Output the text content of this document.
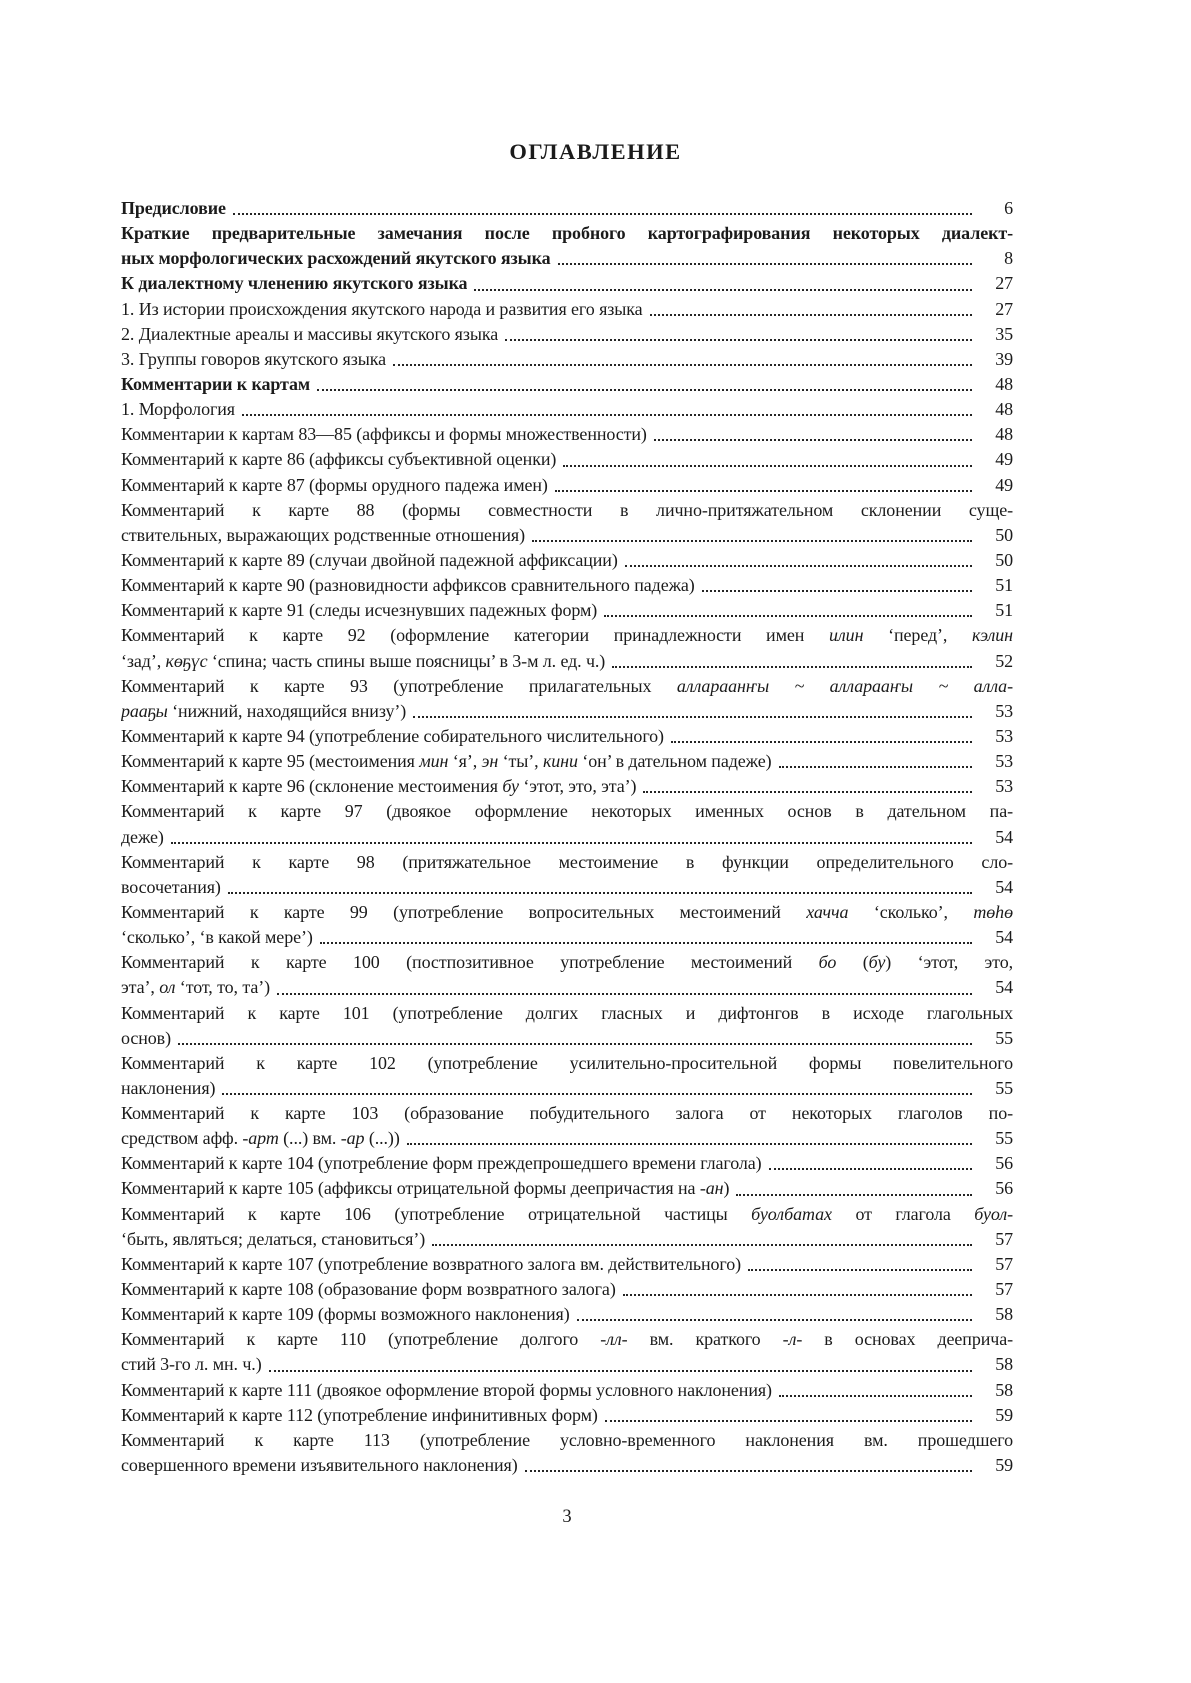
ОГЛАВЛЕНИЕ
Предисловие	6
Краткие предварительные замечания после пробного картографирования некоторых диалект-
ных морфологических расхождений якутского языка	8
К диалектному членению якутского языка	27
1. Из истории происхождения якутского народа и развития его языка	27
2. Диалектные ареалы и массивы якутского языка	35
3. Группы говоров якутского языка	39
Комментарии к картам	48
1. Морфология	48
Комментарии к картам 83—85 (аффиксы и формы множественности)	48
Комментарий к карте 86 (аффиксы субъективной оценки)	49
Комментарий к карте 87 (формы орудного падежа имен)	49
Комментарий к карте 88 (формы совместности в лично-притяжательном склонении суще-
ствительных, выражающих родственные отношения)	50
Комментарий к карте 89 (случаи двойной падежной аффиксации)	50
Комментарий к карте 90 (разновидности аффиксов сравнительного падежа)	51
Комментарий к карте 91 (следы исчезнувших падежных форм)	51
Комментарий к карте 92 (оформление категории принадлежности имен илин ‘перед’, кэлин
‘зад’, көҕүс ‘спина; часть спины выше поясницы’ в 3-м л. ед. ч.)	52
Комментарий к карте 93 (употребление прилагательных аллараанҥы ~ алларааҥы ~ алла-
рааҕы ‘нижний, находящийся внизу’)	53
Комментарий к карте 94 (употребление собирательного числительного)	53
Комментарий к карте 95 (местоимения мин ‘я’, эн ‘ты’, кини ‘он’ в дательном падеже)	53
Комментарий к карте 96 (склонение местоимения бу ‘этот, это, эта’)	53
Комментарий к карте 97 (двоякое оформление некоторых именных основ в дательном па-
деже)	54
Комментарий к карте 98 (притяжательное местоимение в функции определительного сло-
восочетания)	54
Комментарий к карте 99 (употребление вопросительных местоимений хачча ‘сколько’, төһө
‘сколько’, ‘в какой мере’)	54
Комментарий к карте 100 (постпозитивное употребление местоимений бо (бу) ‘этот, это,
эта’, ол ‘тот, то, та’)	54
Комментарий к карте 101 (употребление долгих гласных и дифтонгов в исходе глагольных
основ)	55
Комментарий к карте 102 (употребление усилительно-просительной формы повелительного
наклонения)	55
Комментарий к карте 103 (образование побудительного залога от некоторых глаголов по-
средством афф. -арт (...) вм. -ар (...))	55
Комментарий к карте 104 (употребление форм преждепрошедшего времени глагола)	56
Комментарий к карте 105 (аффиксы отрицательной формы деепричастия на -ан)	56
Комментарий к карте 106 (употребление отрицательной частицы буолбатах от глагола буол-
‘быть, являться; делаться, становиться’)	57
Комментарий к карте 107 (употребление возвратного залога вм. действительного)	57
Комментарий к карте 108 (образование форм возвратного залога)	57
Комментарий к карте 109 (формы возможного наклонения)	58
Комментарий к карте 110 (употребление долгого -лл- вм. краткого -л- в основах дееприча-
стий 3-го л. мн. ч.)	58
Комментарий к карте 111 (двоякое оформление второй формы условного наклонения)	58
Комментарий к карте 112 (употребление инфинитивных форм)	59
Комментарий к карте 113 (употребление условно-временного наклонения вм. прошедшего
совершенного времени изъявительного наклонения)	59
3
